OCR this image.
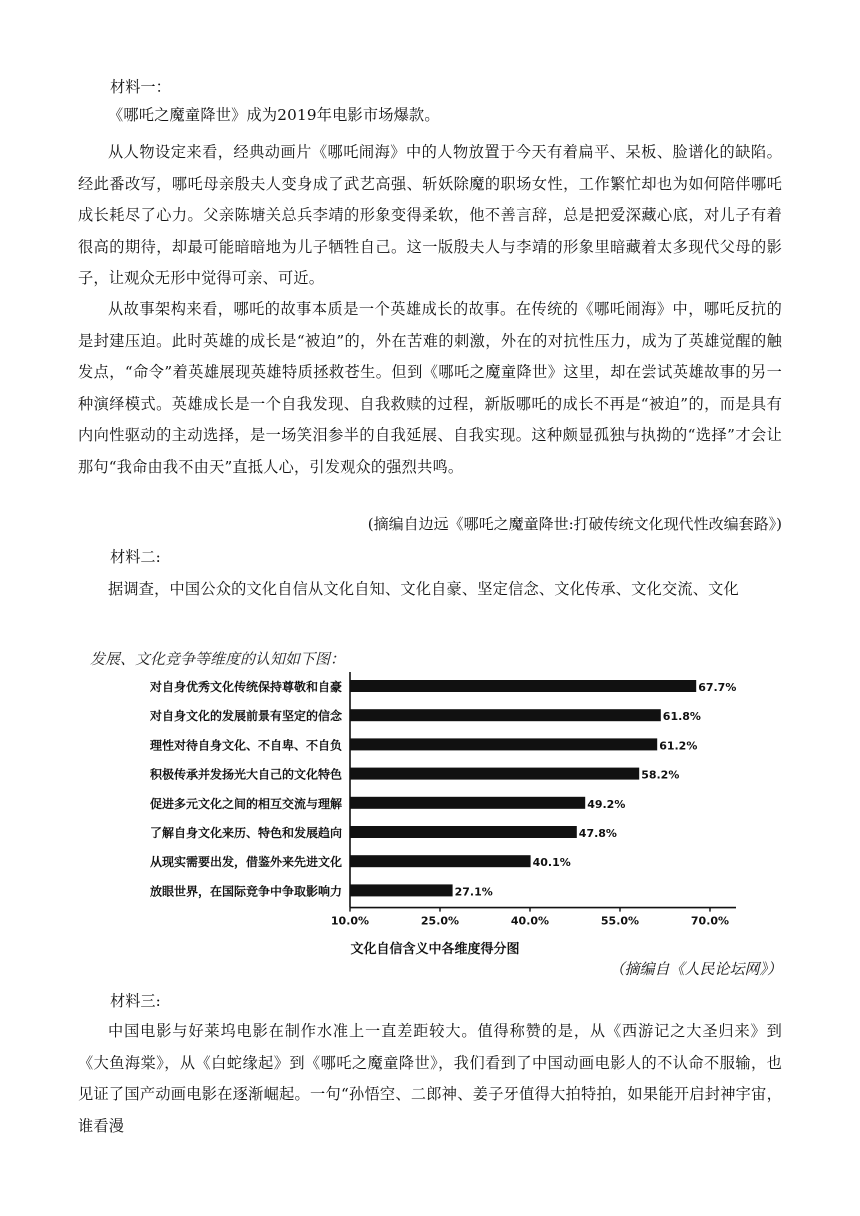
材料一：
《哪吒之魔童降世》成为2019年电影市场爆款。
从人物设定来看，经典动画片《哪吒闹海》中的人物放置于今天有着扁平、呆板、脸谱化的缺陷。经此番改写，哪吒母亲殷夫人变身成了武艺高强、斩妖除魔的职场女性，工作繁忙却也为如何陪伴哪吒成长耗尽了心力。父亲陈塘关总兵李靖的形象变得柔软，他不善言辞，总是把爱深藏心底，对儿子有着很高的期待，却最可能暗暗地为儿子牺牲自己。这一版殷夫人与李靖的形象里暗藏着太多现代父母的影子，让观众无形中觉得可亲、可近。
从故事架构来看，哪吒的故事本质是一个英雄成长的故事。在传统的《哪吒闹海》中，哪吒反抗的是封建压迫。此时英雄的成长是“被迫”的，外在苦难的刺激，外在的对抗性压力，成为了英雄觉醒的触发点，“命令”着英雄展现英雄特质拯救苍生。但到《哪吒之魔童降世》这里，却在尝试英雄故事的另一种演绎模式。英雄成长是一个自我发现、自我救赎的过程，新版哪吒的成长不再是“被迫”的，而是具有内向性驱动的主动选择，是一场笑泪参半的自我延展、自我实现。这种颇显孤独与执拗的“选择”才会让那句“我命由我不由天”直抵人心，引发观众的强烈共鸣。
(摘编自边远《哪吒之魔童降世:打破传统文化现代性改编套路》)
材料二:
据调查，中国公众的文化自信从文化自知、文化自豪、坚定信念、文化传承、文化交流、文化
发展、文化竞争等维度的认知如下图：
对自身优秀文化传统保持尊敬和自豪	67.7%
对自身文化的发展前景有坚定的信念	61.8%
理性对待自身文化、不自卑、不自负	61.2%
积极传承并发扬光大自己的文化特色	58.2%
促进多元文化之间的相互交流与理解	49.2%
了解自身文化来历、特色和发展趋向	47.8%
从现实需要出发，借鉴外来先进文化	40.1%
放眼世界，在国际竞争中争取影响力	27.1%
10.0%	25.0%	40.0%	55.0%	70.0%
文化自信含义中各维度得分图
（摘编自《人民论坛网》）
材料三:
中国电影与好莱坞电影在制作水准上一直差距较大。值得称赞的是，从《西游记之大圣归来》到《大鱼海棠》，从《白蛇缘起》到《哪吒之魔童降世》，我们看到了中国动画电影人的不认命不服输，也见证了国产动画电影在逐渐崛起。一句“孙悟空、二郎神、姜子牙值得大拍特拍，如果能开启封神宇宙，谁看漫
